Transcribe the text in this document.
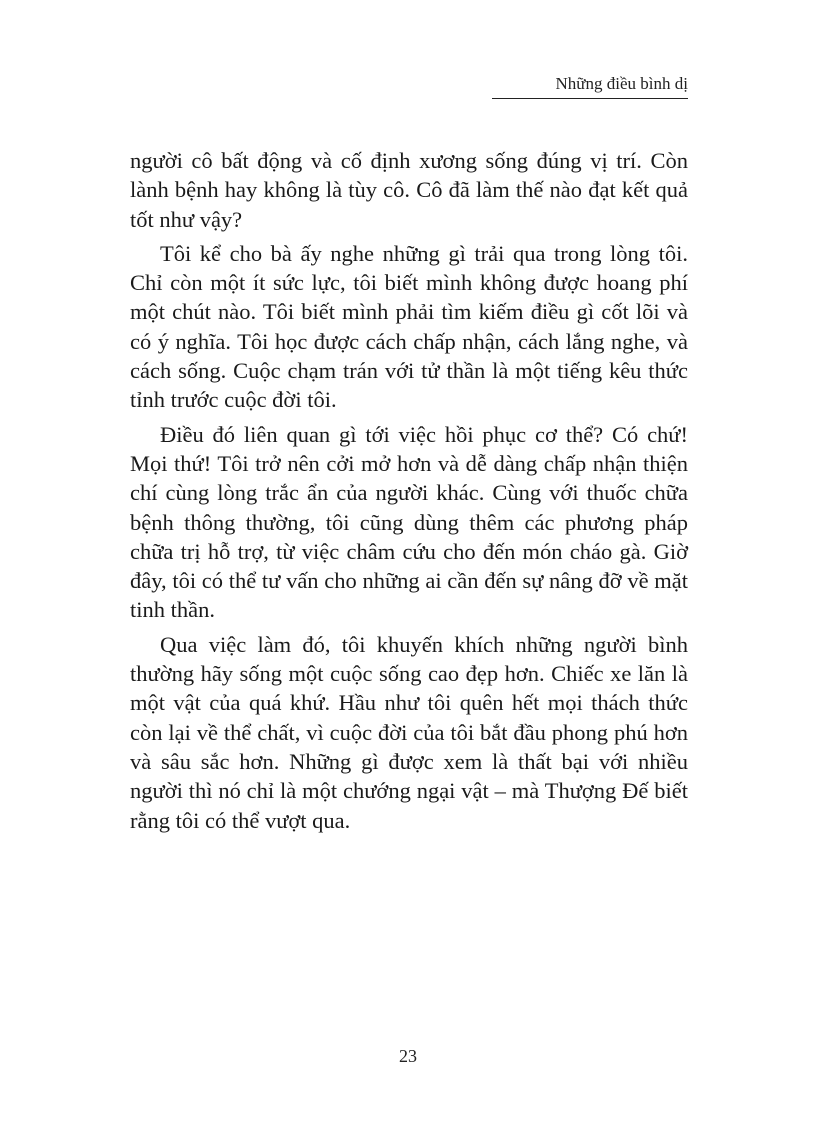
Những điều bình dị

người cô bất động và cố định xương sống đúng vị trí. Còn lành bệnh hay không là tùy cô. Cô đã làm thế nào đạt kết quả tốt như vậy?

Tôi kể cho bà ấy nghe những gì trải qua trong lòng tôi. Chỉ còn một ít sức lực, tôi biết mình không được hoang phí một chút nào. Tôi biết mình phải tìm kiếm điều gì cốt lõi và có ý nghĩa. Tôi học được cách chấp nhận, cách lắng nghe, và cách sống. Cuộc chạm trán với tử thần là một tiếng kêu thức tỉnh trước cuộc đời tôi.

Điều đó liên quan gì tới việc hồi phục cơ thể? Có chứ! Mọi thứ! Tôi trở nên cởi mở hơn và dễ dàng chấp nhận thiện chí cùng lòng trắc ẩn của người khác. Cùng với thuốc chữa bệnh thông thường, tôi cũng dùng thêm các phương pháp chữa trị hỗ trợ, từ việc châm cứu cho đến món cháo gà. Giờ đây, tôi có thể tư vấn cho những ai cần đến sự nâng đỡ về mặt tinh thần.

Qua việc làm đó, tôi khuyến khích những người bình thường hãy sống một cuộc sống cao đẹp hơn. Chiếc xe lăn là một vật của quá khứ. Hầu như tôi quên hết mọi thách thức còn lại về thể chất, vì cuộc đời của tôi bắt đầu phong phú hơn và sâu sắc hơn. Những gì được xem là thất bại với nhiều người thì nó chỉ là một chướng ngại vật – mà Thượng Đế biết rằng tôi có thể vượt qua.

23
